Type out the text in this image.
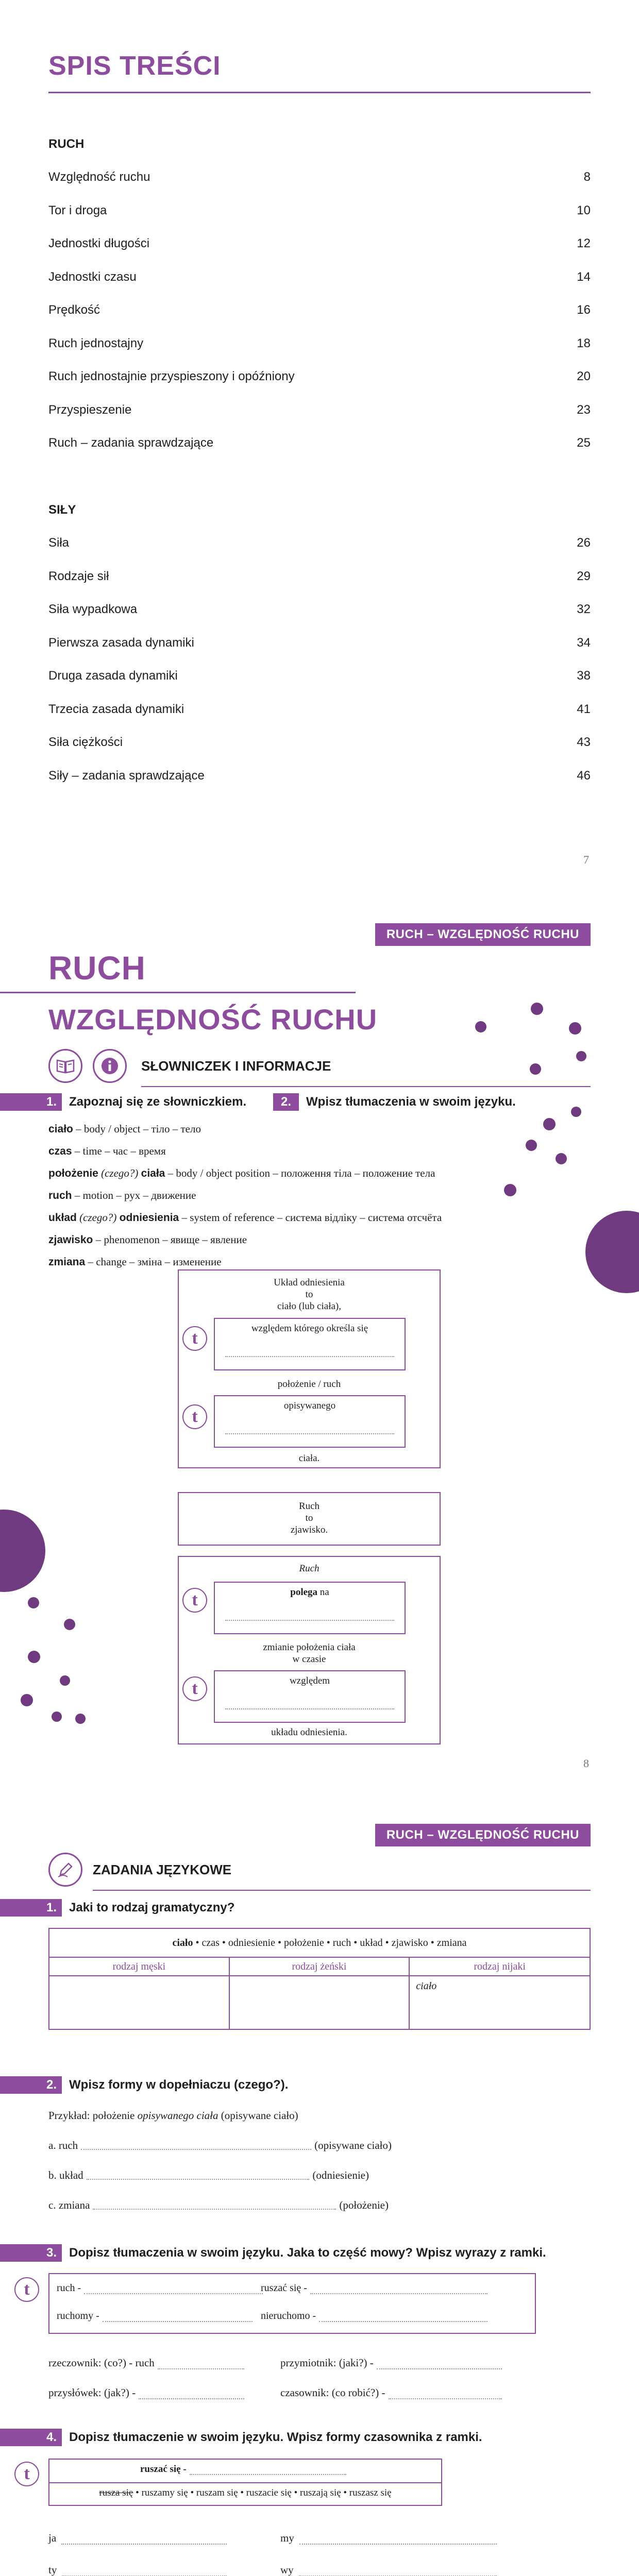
SPIS TREŚCI
RUCH
Względność ruchu	8
Tor i droga	10
Jednostki długości	12
Jednostki czasu	14
Prędkość	16
Ruch jednostajny	18
Ruch jednostajnie przyspieszony i opóźniony	20
Przyspieszenie	23
Ruch – zadania sprawdzające	25
SIŁY
Siła	26
Rodzaje sił	29
Siła wypadkowa	32
Pierwsza zasada dynamiki	34
Druga zasada dynamiki	38
Trzecia zasada dynamiki	41
Siła ciężkości	43
Siły – zadania sprawdzające	46
7
RUCH – WZGLĘDNOŚĆ RUCHU
RUCH
WZGLĘDNOŚĆ RUCHU
SŁOWNICZEK I INFORMACJE
1.	Zapoznaj się ze słowniczkiem.	2.	Wpisz tłumaczenia w swoim języku.
ciało – body / object – тіло – тело
czas – time – час – время
położenie (czego?) ciała – body / object position – положення тіла – положение тела
ruch – motion – рух – движение
układ (czego?) odniesienia – system of reference – система відліку – система отсчёта
zjawisko – phenomenon – явище – явление
zmiana – change – зміна – изменение
Układ odniesienia
to
ciało (lub ciała),
względem którego określa się
położenie / ruch
opisywanego
ciała.
t
t
Ruch
to
zjawisko.
Ruch
polega na
zmianie położenia ciała
w czasie
względem
układu odniesienia.
t
t
8
RUCH – WZGLĘDNOŚĆ RUCHU
ZADANIA JĘZYKOWE
1.	Jaki to rodzaj gramatyczny?
ciało • czas • odniesienie • położenie • ruch • układ • zjawisko • zmiana
rodzaj męski	rodzaj żeński	rodzaj nijaki
		ciało
2.	Wpisz formy w dopełniaczu (czego?).
Przykład: położenie opisywanego ciała (opisywane ciało)
a. ruch	(opisywane ciało)
b. układ	(odniesienie)
c. zmiana	(położenie)
3.	Dopisz tłumaczenia w swoim języku. Jaka to część mowy? Wpisz wyrazy z ramki.
t	ruch -	ruszać się -
ruchomy -	nieruchomo -
rzeczownik: (co?) - ruch	przymiotnik: (jaki?) -
przysłówek: (jak?) -	czasownik: (co robić?) -
4.	Dopisz tłumaczenie w swoim języku. Wpisz formy czasownika z ramki.
t	ruszać się -
rusza się • ruszamy się • ruszam się • ruszacie się • ruszają się • ruszasz się
ja	my
ty	wy
